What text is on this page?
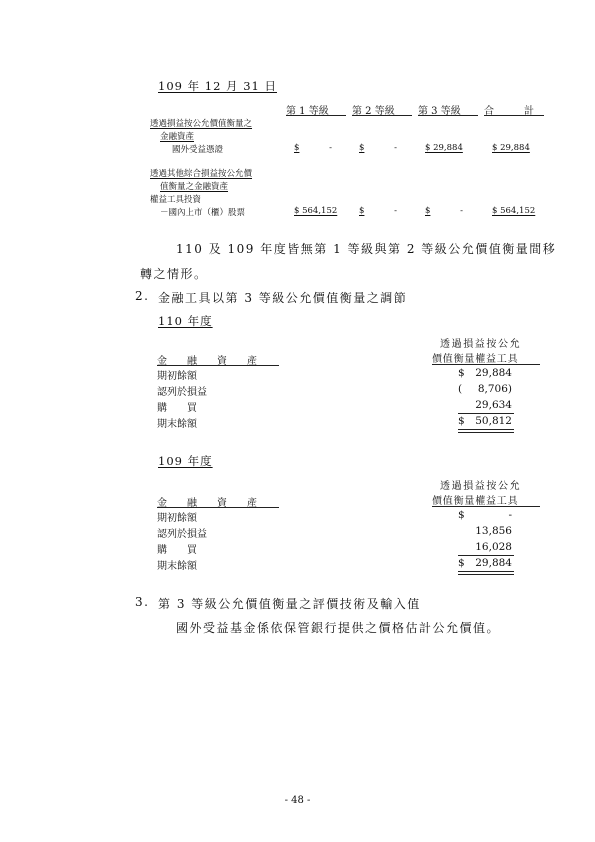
109 年 12 月 31 日
第 1 等級 第 2 等級 第 3 等級 合　　　計
透過損益按公允價值衡量之
金融資產
國外受益憑證	$	-	$	-	$ 29,884	$ 29,884
透過其他綜合損益按公允價
值衡量之金融資產
權益工具投資
－國內上市（櫃）股票	$ 564,152	$	-	$	-	$ 564,152
110 及 109 年度皆無第 1 等級與第 2 等級公允價值衡量間移
轉之情形。
2. 金融工具以第 3 等級公允價值衡量之調節
110 年度
透過損益按公允
價值衡量權益工具
金　　融　　資　　產
期初餘額	$	29,884
認列於損益	(	8,706)
購　　買	29,634
期末餘額	$	50,812
109 年度
透過損益按公允
價值衡量權益工具
金　　融　　資　　產
期初餘額	$	-
認列於損益	13,856
購　　買	16,028
期末餘額	$	29,884
3. 第 3 等級公允價值衡量之評價技術及輸入值
國外受益基金係依保管銀行提供之價格估計公允價值。
- 48 -
